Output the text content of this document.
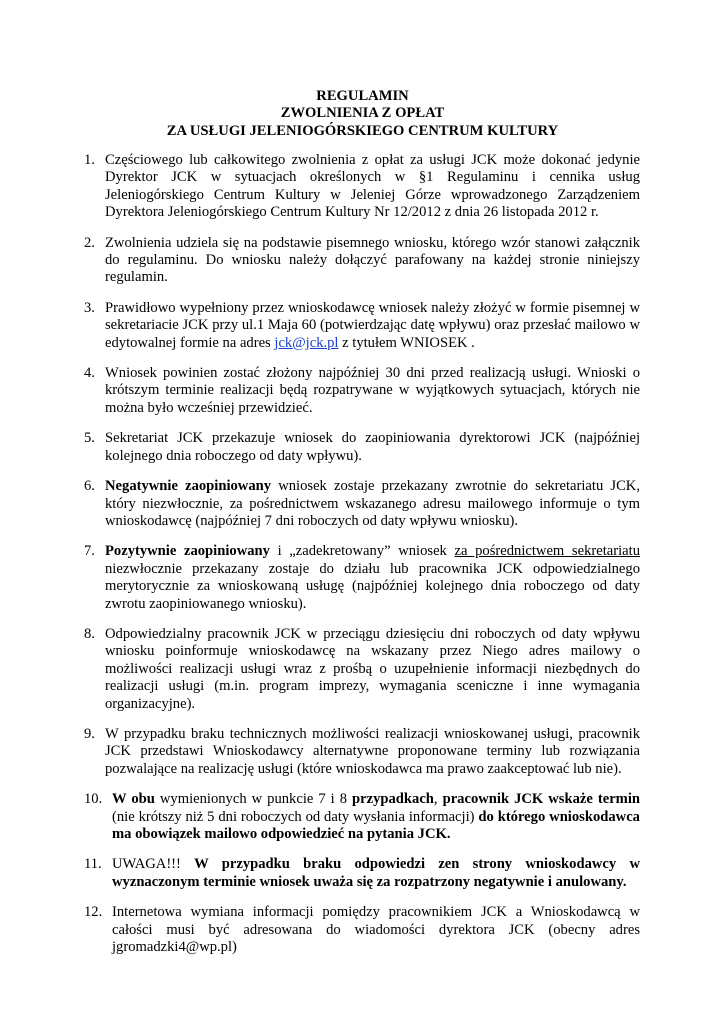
REGULAMIN
ZWOLNIENIA Z OPŁAT
ZA USŁUGI JELENIOGÓRSKIEGO CENTRUM KULTURY
1. Częściowego lub całkowitego zwolnienia z opłat za usługi JCK może dokonać jedynie Dyrektor JCK w sytuacjach określonych w §1 Regulaminu i cennika usług Jeleniogórskiego Centrum Kultury w Jeleniej Górze wprowadzonego Zarządzeniem Dyrektora Jeleniogórskiego Centrum Kultury Nr 12/2012 z dnia 26 listopada 2012 r.

2. Zwolnienia udziela się na podstawie pisemnego wniosku, którego wzór stanowi załącznik do regulaminu. Do wniosku należy dołączyć parafowany na każdej stronie niniejszy regulamin.

3. Prawidłowo wypełniony przez wnioskodawcę wniosek należy złożyć w formie pisemnej w sekretariacie JCK przy ul.1 Maja 60 (potwierdzając datę wpływu) oraz przesłać mailowo w edytowalnej formie na adres jck@jck.pl z tytułem WNIOSEK .

4. Wniosek powinien zostać złożony najpóźniej 30 dni przed realizacją usługi. Wnioski o krótszym terminie realizacji będą rozpatrywane w wyjątkowych sytuacjach, których nie można było wcześniej przewidzieć.

5. Sekretariat JCK przekazuje wniosek do zaopiniowania dyrektorowi JCK (najpóźniej kolejnego dnia roboczego od daty wpływu).

6. Negatywnie zaopiniowany wniosek zostaje przekazany zwrotnie do sekretariatu JCK, który niezwłocznie, za pośrednictwem wskazanego adresu mailowego informuje o tym wnioskodawcę (najpóźniej 7 dni roboczych od daty wpływu wniosku).

7. Pozytywnie zaopiniowany i „zadekretowany” wniosek za pośrednictwem sekretariatu niezwłocznie przekazany zostaje do działu lub pracownika JCK odpowiedzialnego merytorycznie za wnioskowaną usługę (najpóźniej kolejnego dnia roboczego od daty zwrotu zaopiniowanego wniosku).

8. Odpowiedzialny pracownik JCK w przeciągu dziesięciu dni roboczych od daty wpływu wniosku poinformuje wnioskodawcę na wskazany przez Niego adres mailowy o możliwości realizacji usługi wraz z prośbą o uzupełnienie informacji niezbędnych do realizacji usługi (m.in. program imprezy, wymagania sceniczne i inne wymagania organizacyjne).

9. W przypadku braku technicznych możliwości realizacji wnioskowanej usługi, pracownik JCK przedstawi Wnioskodawcy alternatywne proponowane terminy lub rozwiązania pozwalające na realizację usługi (które wnioskodawca ma prawo zaakceptować lub nie).

10. W obu wymienionych w punkcie 7 i 8 przypadkach, pracownik JCK wskaże termin (nie krótszy niż 5 dni roboczych od daty wysłania informacji) do którego wnioskodawca ma obowiązek mailowo odpowiedzieć na pytania JCK.

11. UWAGA!!! W przypadku braku odpowiedzi zen strony wnioskodawcy w wyznaczonym terminie wniosek uważa się za rozpatrzony negatywnie i anulowany.

12. Internetowa wymiana informacji pomiędzy pracownikiem JCK a Wnioskodawcą w całości musi być adresowana do wiadomości dyrektora JCK (obecny adres jgromadzki4@wp.pl)
